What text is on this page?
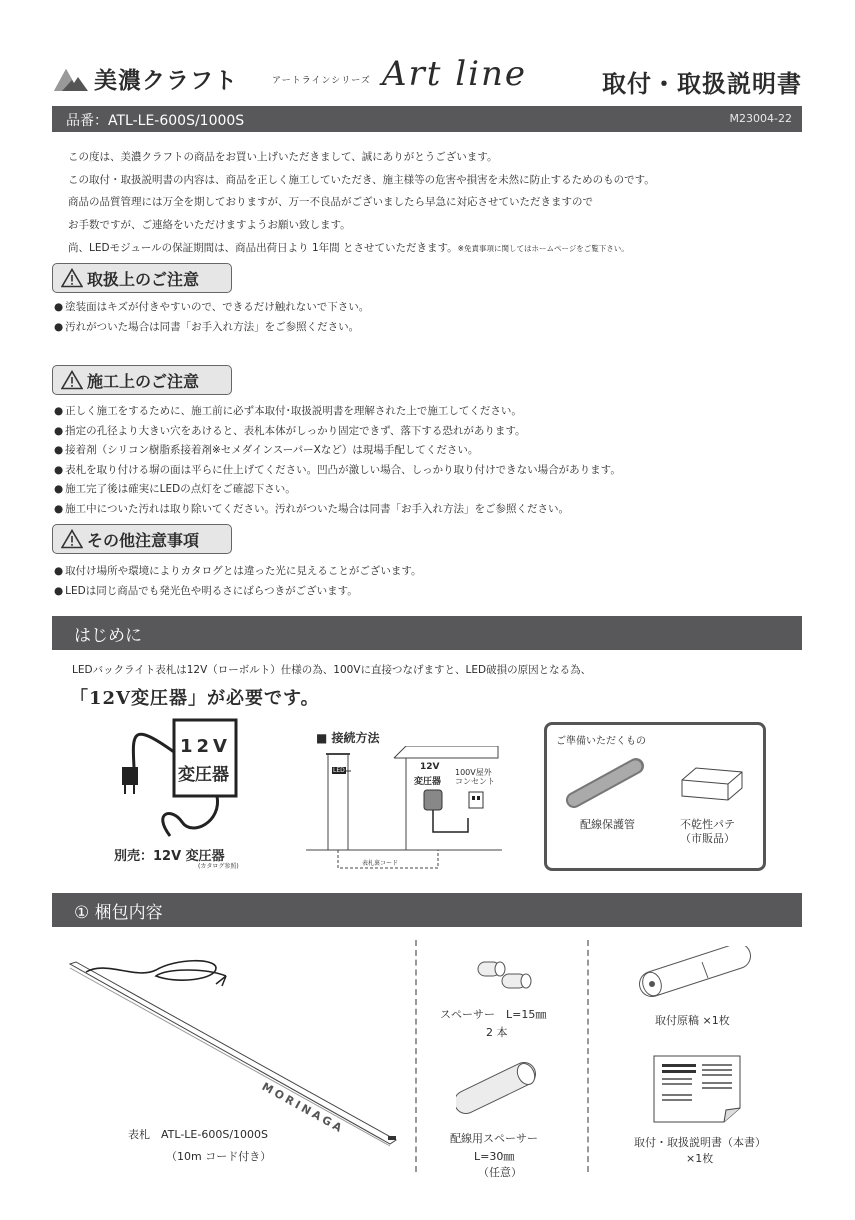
美濃クラフト	アートラインシリーズ Art line	取付・取扱説明書
品番：ATL-LE-600S/1000S	M23004-22
この度は、美濃クラフトの商品をお買い上げいただきまして、誠にありがとうございます。
この取付・取扱説明書の内容は、商品を正しく施工していただき、施主様等の危害や損害を未然に防止するためのものです。
商品の品質管理には万全を期しておりますが、万一不良品がございましたら早急に対応させていただきますので
お手数ですが、ご連絡をいただけますようお願い致します。
尚、LEDモジュールの保証期間は、商品出荷日より 1年間 とさせていただきます。※免責事項に関してはホームページをご覧下さい。
取扱上のご注意
● 塗装面はキズが付きやすいので、できるだけ触れないで下さい。
● 汚れがついた場合は同書「お手入れ方法」をご参照ください。
施工上のご注意
● 正しく施工をするために、施工前に必ず本取付･取扱説明書を理解された上で施工してください。
● 指定の孔径より大きい穴をあけると、表札本体がしっかり固定できず、落下する恐れがあります。
● 接着剤（シリコン樹脂系接着剤※セメダインスーパーXなど）は現場手配してください。
● 表札を取り付ける塀の面は平らに仕上げてください。凹凸が激しい場合、しっかり取り付けできない場合があります。
● 施工完了後は確実にLEDの点灯をご確認下さい。
● 施工中についた汚れは取り除いてください。汚れがついた場合は同書「お手入れ方法」をご参照ください。
その他注意事項
● 取付け場所や環境によりカタログとは違った光に見えることがございます。
● LEDは同じ商品でも発光色や明るさにばらつきがございます。
はじめに
LEDバックライト表札は12V（ローボルト）仕様の為、100Vに直接つなげますと、LED破損の原因となる為、
「12V変圧器」が必要です。
12V
変圧器
別売：12V 変圧器
(カタログ参照)
■ 接続方法
LED	12V
変圧器
100V屋外
コンセント
表札裏コード
ご準備いただくもの
配線保護管	不乾性パテ
（市販品）
① 梱包内容
MORINAGA
表札　ATL-LE-600S/1000S
（10m コード付き）
スペーサー　L=15㎜
2 本
配線用スペーサー
L=30㎜
（任意）
取付原稿 ×1枚
取付・取扱説明書（本書）
×1枚
